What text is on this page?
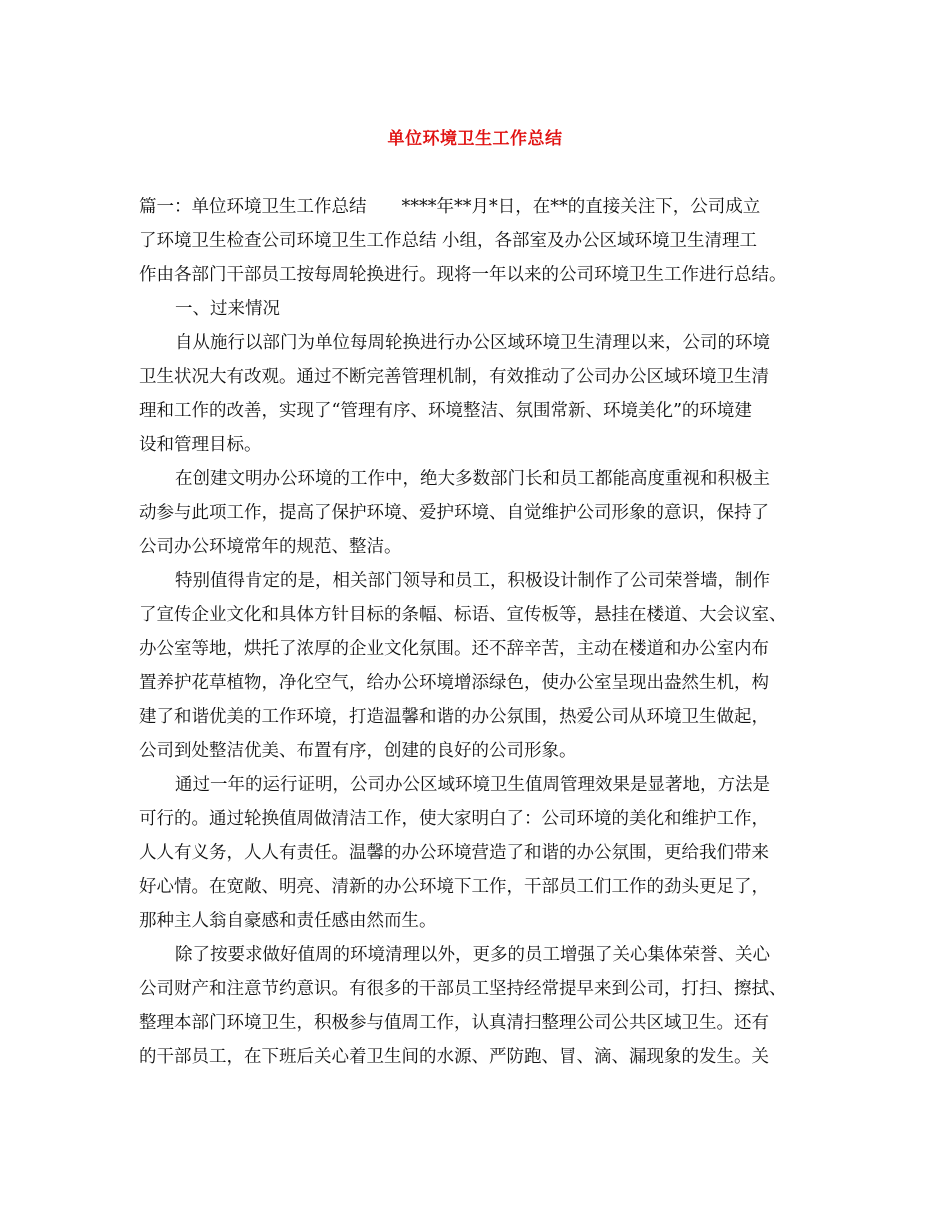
单位环境卫生工作总结
篇一：单位环境卫生工作总结　　****年**月*日，在**的直接关注下，公司成立
了环境卫生检查公司环境卫生工作总结 小组，各部室及办公区域环境卫生清理工
作由各部门干部员工按每周轮换进行。现将一年以来的公司环境卫生工作进行总结。
一、过来情况
自从施行以部门为单位每周轮换进行办公区域环境卫生清理以来，公司的环境
卫生状况大有改观。通过不断完善管理机制，有效推动了公司办公区域环境卫生清
理和工作的改善，实现了“管理有序、环境整洁、氛围常新、环境美化”的环境建
设和管理目标。
在创建文明办公环境的工作中，绝大多数部门长和员工都能高度重视和积极主
动参与此项工作，提高了保护环境、爱护环境、自觉维护公司形象的意识，保持了
公司办公环境常年的规范、整洁。
特别值得肯定的是，相关部门领导和员工，积极设计制作了公司荣誉墙，制作
了宣传企业文化和具体方针目标的条幅、标语、宣传板等，悬挂在楼道、大会议室、
办公室等地，烘托了浓厚的企业文化氛围。还不辞辛苦，主动在楼道和办公室内布
置养护花草植物，净化空气，给办公环境增添绿色，使办公室呈现出盎然生机，构
建了和谐优美的工作环境，打造温馨和谐的办公氛围，热爱公司从环境卫生做起，
公司到处整洁优美、布置有序，创建的良好的公司形象。
通过一年的运行证明，公司办公区域环境卫生值周管理效果是显著地，方法是
可行的。通过轮换值周做清洁工作，使大家明白了：公司环境的美化和维护工作，
人人有义务，人人有责任。温馨的办公环境营造了和谐的办公氛围，更给我们带来
好心情。在宽敞、明亮、清新的办公环境下工作，干部员工们工作的劲头更足了，
那种主人翁自豪感和责任感由然而生。
除了按要求做好值周的环境清理以外，更多的员工增强了关心集体荣誉、关心
公司财产和注意节约意识。有很多的干部员工坚持经常提早来到公司，打扫、擦拭、
整理本部门环境卫生，积极参与值周工作，认真清扫整理公司公共区域卫生。还有
的干部员工，在下班后关心着卫生间的水源、严防跑、冒、滴、漏现象的发生。关
